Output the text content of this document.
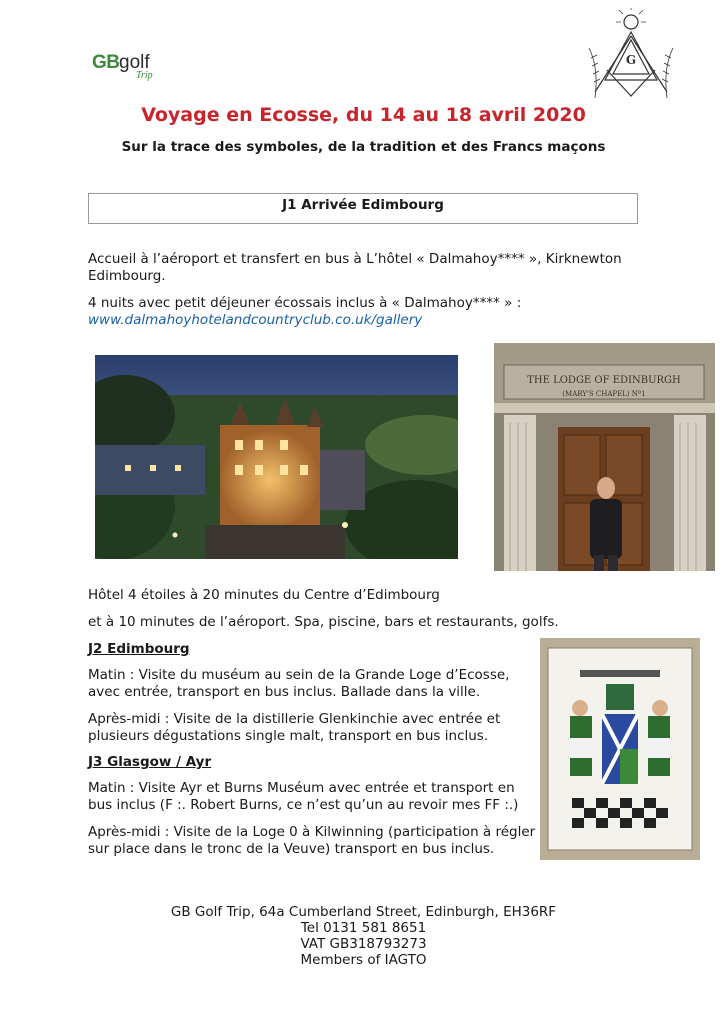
GB golf
Trip
G
Voyage en Ecosse, du 14 au 18 avril 2020
Sur la trace des symboles, de la tradition et des Francs maçons
J1 Arrivée Edimbourg
Accueil à l’aéroport et transfert en bus à L’hôtel « Dalmahoy**** », Kirknewton
Edimbourg.
4 nuits avec petit déjeuner écossais inclus à « Dalmahoy**** » :
www.dalmahoyhotelandcountryclub.co.uk/gallery
THE LODGE OF EDINBURGH
(MARY'S CHAPEL) Nº1
Hôtel 4 étoiles à 20 minutes du Centre d’Edimbourg
et à 10 minutes de l’aéroport. Spa, piscine, bars et restaurants, golfs.
J2 Edimbourg
Matin : Visite du muséum au sein de la Grande Loge d’Ecosse,
avec entrée, transport en bus inclus. Ballade dans la ville.
Après-midi : Visite de la distillerie Glenkinchie avec entrée et
plusieurs dégustations single malt, transport en bus inclus.
J3 Glasgow / Ayr
Matin : Visite Ayr et Burns Muséum avec entrée et transport en
bus inclus (F :. Robert Burns, ce n’est qu’un au revoir mes FF :.)
Après-midi : Visite de la Loge 0 à Kilwinning (participation à régler
sur place dans le tronc de la Veuve) transport en bus inclus.
GB Golf Trip, 64a Cumberland Street, Edinburgh, EH36RF
Tel 0131 581 8651
VAT GB318793273
Members of IAGTO
